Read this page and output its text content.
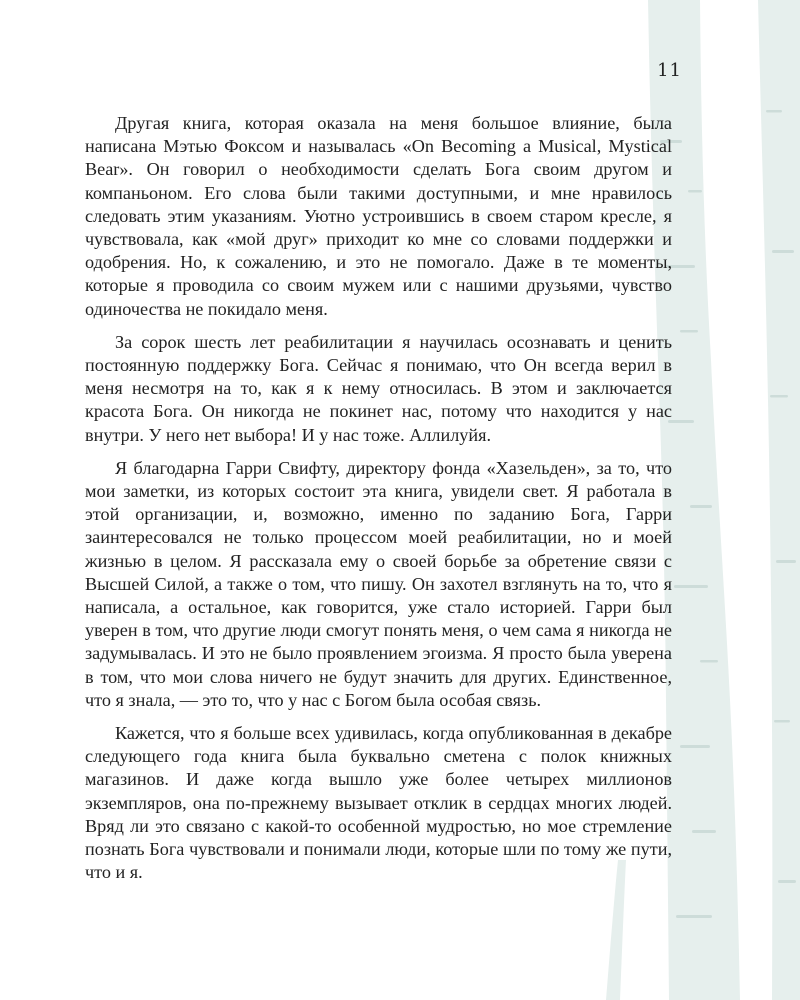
11

Другая книга, которая оказала на меня большое влияние, была написана Мэтью Фоксом и называлась «On Becoming a Musical, Mystical Bear». Он говорил о необходимости сделать Бога своим другом и компаньоном. Его слова были такими доступными, и мне нравилось следовать этим указаниям. Уютно устроившись в своем старом кресле, я чувствовала, как «мой друг» приходит ко мне со словами поддержки и одобрения. Но, к сожалению, и это не помогало. Даже в те моменты, которые я проводила со своим мужем или с нашими друзьями, чувство одиночества не покидало меня.

За сорок шесть лет реабилитации я научилась осознавать и ценить постоянную поддержку Бога. Сейчас я понимаю, что Он всегда верил в меня несмотря на то, как я к нему относилась. В этом и заключается красота Бога. Он никогда не покинет нас, потому что находится у нас внутри. У него нет выбора! И у нас тоже. Аллилуйя.

Я благодарна Гарри Свифту, директору фонда «Хазельден», за то, что мои заметки, из которых состоит эта книга, увидели свет. Я работала в этой организации, и, возможно, именно по заданию Бога, Гарри заинтересовался не только процессом моей реабилитации, но и моей жизнью в целом. Я рассказала ему о своей борьбе за обретение связи с Высшей Силой, а также о том, что пишу. Он захотел взглянуть на то, что я написала, а остальное, как говорится, уже стало историей. Гарри был уверен в том, что другие люди смогут понять меня, о чем сама я никогда не задумывалась. И это не было проявлением эгоизма. Я просто была уверена в том, что мои слова ничего не будут значить для других. Единственное, что я знала, — это то, что у нас с Богом была особая связь.

Кажется, что я больше всех удивилась, когда опубликованная в декабре следующего года книга была буквально сметена с полок книжных магазинов. И даже когда вышло уже более четырех миллионов экземпляров, она по-прежнему вызывает отклик в сердцах многих людей. Вряд ли это связано с какой-то особенной мудростью, но мое стремление познать Бога чувствовали и понимали люди, которые шли по тому же пути, что и я.
